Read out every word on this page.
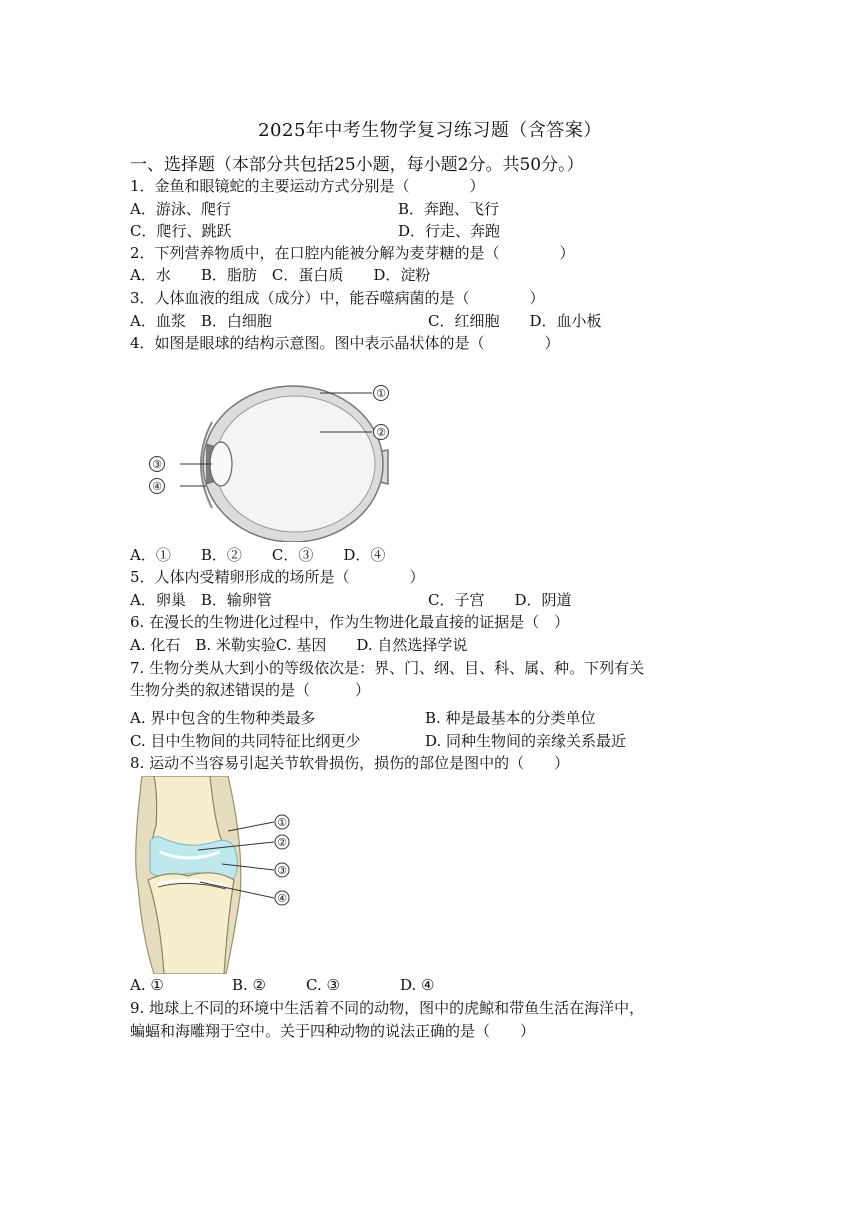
2025年中考生物学复习练习题（含答案）
一、选择题（本部分共包括25小题，每小题2分。共50分。）
1．金鱼和眼镜蛇的主要运动方式分别是（　　　　）
A．游泳、爬行	B．奔跑、飞行
C．爬行、跳跃	D．行走、奔跑
2．下列营养物质中，在口腔内能被分解为麦芽糖的是（　　　　）
A．水　　B．脂肪　C．蛋白质　　D．淀粉
3．人体血液的组成（成分）中，能吞噬病菌的是（　　　　）
A．血浆　B．白细胞	C．红细胞　　D．血小板
4．如图是眼球的结构示意图。图中表示晶状体的是（　　　　）
①
②
③
④
A．①　　B．②　　C．③　　D．④
5．人体内受精卵形成的场所是（　　　　）
A．卵巢　B．输卵管	C．子宫　　D．阴道
6. 在漫长的生物进化过程中，作为生物进化最直接的证据是（　）
A. 化石　B. 米勒实验C. 基因　　D. 自然选择学说
7. 生物分类从大到小的等级依次是：界、门、纲、目、科、属、种。下列有关
生物分类的叙述错误的是（　　　）
A. 界中包含的生物种类最多	B. 种是最基本的分类单位
C. 目中生物间的共同特征比纲更少	D. 同种生物间的亲缘关系最近
8. 运动不当容易引起关节软骨损伤，损伤的部位是图中的（　　）
①
②
③
④
A. ①	B. ②	C. ③	D. ④
9. 地球上不同的环境中生活着不同的动物，图中的虎鲸和带鱼生活在海洋中，
蝙蝠和海雕翔于空中。关于四种动物的说法正确的是（　　）
